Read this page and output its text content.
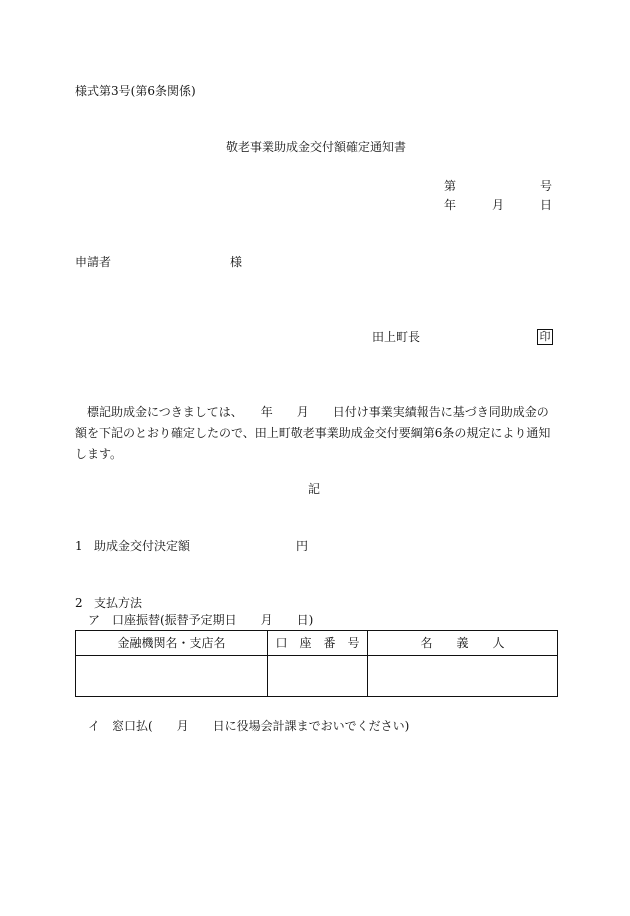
様式第3号(第6条関係)
敬老事業助成金交付額確定通知書
第	号
年	月	日
申請者	様
田上町長	印
標記助成金につきましては、　　年　　月　　日付け事業実績報告に基づき同助成金の額を下記のとおり確定したので、田上町敬老事業助成金交付要綱第6条の規定により通知します。
記
1 助成金交付決定額	円
2 支払方法
ア　口座振替(振替予定期日　　月　　日)
金融機関名・支店名	口　座　番　号	名　　義　　人

イ　窓口払(　　月　　日に役場会計課までおいでください)
